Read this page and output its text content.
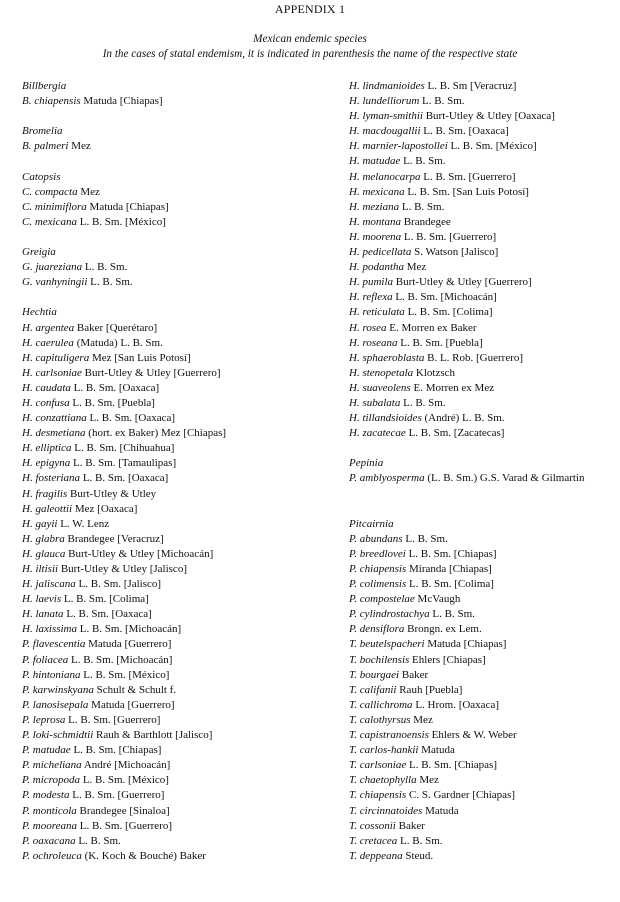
APPENDIX 1
Mexican endemic species
In the cases of statal endemism, it is indicated in parenthesis the name of the respective state
Billbergia
B. chiapensis Matuda [Chiapas]
Bromelia
B. palmeri Mez
Catopsis
C. compacta Mez
C. minimiflora Matuda [Chiapas]
C. mexicana L. B. Sm. [México]
Greigia
G. juareziana L. B. Sm.
G. vanhyningii L. B. Sm.
Hechtia
H. argentea Baker [Querétaro]
H. caerulea (Matuda) L. B. Sm.
H. capituligera Mez [San Luis Potosí]
H. carlsoniae Burt-Utley & Utley [Guerrero]
H. caudata L. B. Sm. [Oaxaca]
H. confusa L. B. Sm. [Puebla]
H. conzattiana L. B. Sm. [Oaxaca]
H. desmetiana (hort. ex Baker) Mez [Chiapas]
H. elliptica L. B. Sm. [Chihuahua]
H. epigyna L. B. Sm. [Tamaulipas]
H. fosteriana L. B. Sm. [Oaxaca]
H. fragilis Burt-Utley & Utley
H. galeottii Mez [Oaxaca]
H. gayii L. W. Lenz
H. glabra Brandegee [Veracruz]
H. glauca Burt-Utley & Utley [Michoacán]
H. iltisii Burt-Utley & Utley [Jalisco]
H. jaliscana L. B. Sm. [Jalisco]
H. laevis L. B. Sm. [Colima]
H. lanata L. B. Sm. [Oaxaca]
H. laxissima L. B. Sm. [Michoacán]
P. flavescentia Matuda [Guerrero]
P. foliacea L. B. Sm. [Michoacán]
P. hintoniana L. B. Sm. [México]
P. karwinskyana Schult & Schult f.
P. lanosisepala Matuda [Guerrero]
P. leprosa L. B. Sm. [Guerrero]
P. loki-schmidtii Rauh & Barthlott [Jalisco]
P. matudae L. B. Sm. [Chiapas]
P. micheliana André [Michoacán]
P. micropoda L. B. Sm. [México]
P. modesta L. B. Sm. [Guerrero]
P. monticola Brandegee [Sinaloa]
P. mooreana L. B. Sm. [Guerrero]
P. oaxacana L. B. Sm.
P. ochroleuca (K. Koch & Bouché) Baker
H. lindmanioides L. B. Sm [Veracruz]
H. lundelliorum L. B. Sm.
H. lyman-smithii Burt-Utley & Utley [Oaxaca]
H. macdougallii L. B. Sm. [Oaxaca]
H. marnier-lapostollei L. B. Sm. [México]
H. matudae L. B. Sm.
H. melanocarpa L. B. Sm. [Guerrero]
H. mexicana L. B. Sm. [San Luis Potosí]
H. meziana L. B. Sm.
H. montana Brandegee
H. moorena L. B. Sm. [Guerrero]
H. pedicellata S. Watson [Jalisco]
H. podantha Mez
H. pumila Burt-Utley & Utley [Guerrero]
H. reflexa L. B. Sm. [Michoacán]
H. reticulata L. B. Sm. [Colima]
H. rosea E. Morren ex Baker
H. roseana L. B. Sm. [Puebla]
H. sphaeroblasta B. L. Rob. [Guerrero]
H. stenopetala Klotzsch
H. suaveolens E. Morren ex Mez
H. subalata L. B. Sm.
H. tillandsioides (André) L. B. Sm.
H. zacatecae L. B. Sm. [Zacatecas]
Pepinia
P. amblyosperma (L. B. Sm.) G.S. Varad & Gilmartin
Pitcairnia
P. abundans L. B. Sm.
P. breedlovei L. B. Sm. [Chiapas]
P. chiapensis Miranda [Chiapas]
P. colimensis L. B. Sm. [Colima]
P. compostelae McVaugh
P. cylindrostachya L. B. Sm.
P. densiflora Brongn. ex Lem.
T. beutelspacheri Matuda [Chiapas]
T. bochilensis Ehlers [Chiapas]
T. bourgaei Baker
T. califanii Rauh [Puebla]
T. callichroma L. Hrom. [Oaxaca]
T. calothyrsus Mez
T. capistranoensis Ehlers & W. Weber
T. carlos-hankii Matuda
T. carlsoniae L. B. Sm. [Chiapas]
T. chaetophylla Mez
T. chiapensis C. S. Gardner [Chiapas]
T. circinnatoides Matuda
T. cossonii Baker
T. cretacea L. B. Sm.
T. deppeana Steud.
